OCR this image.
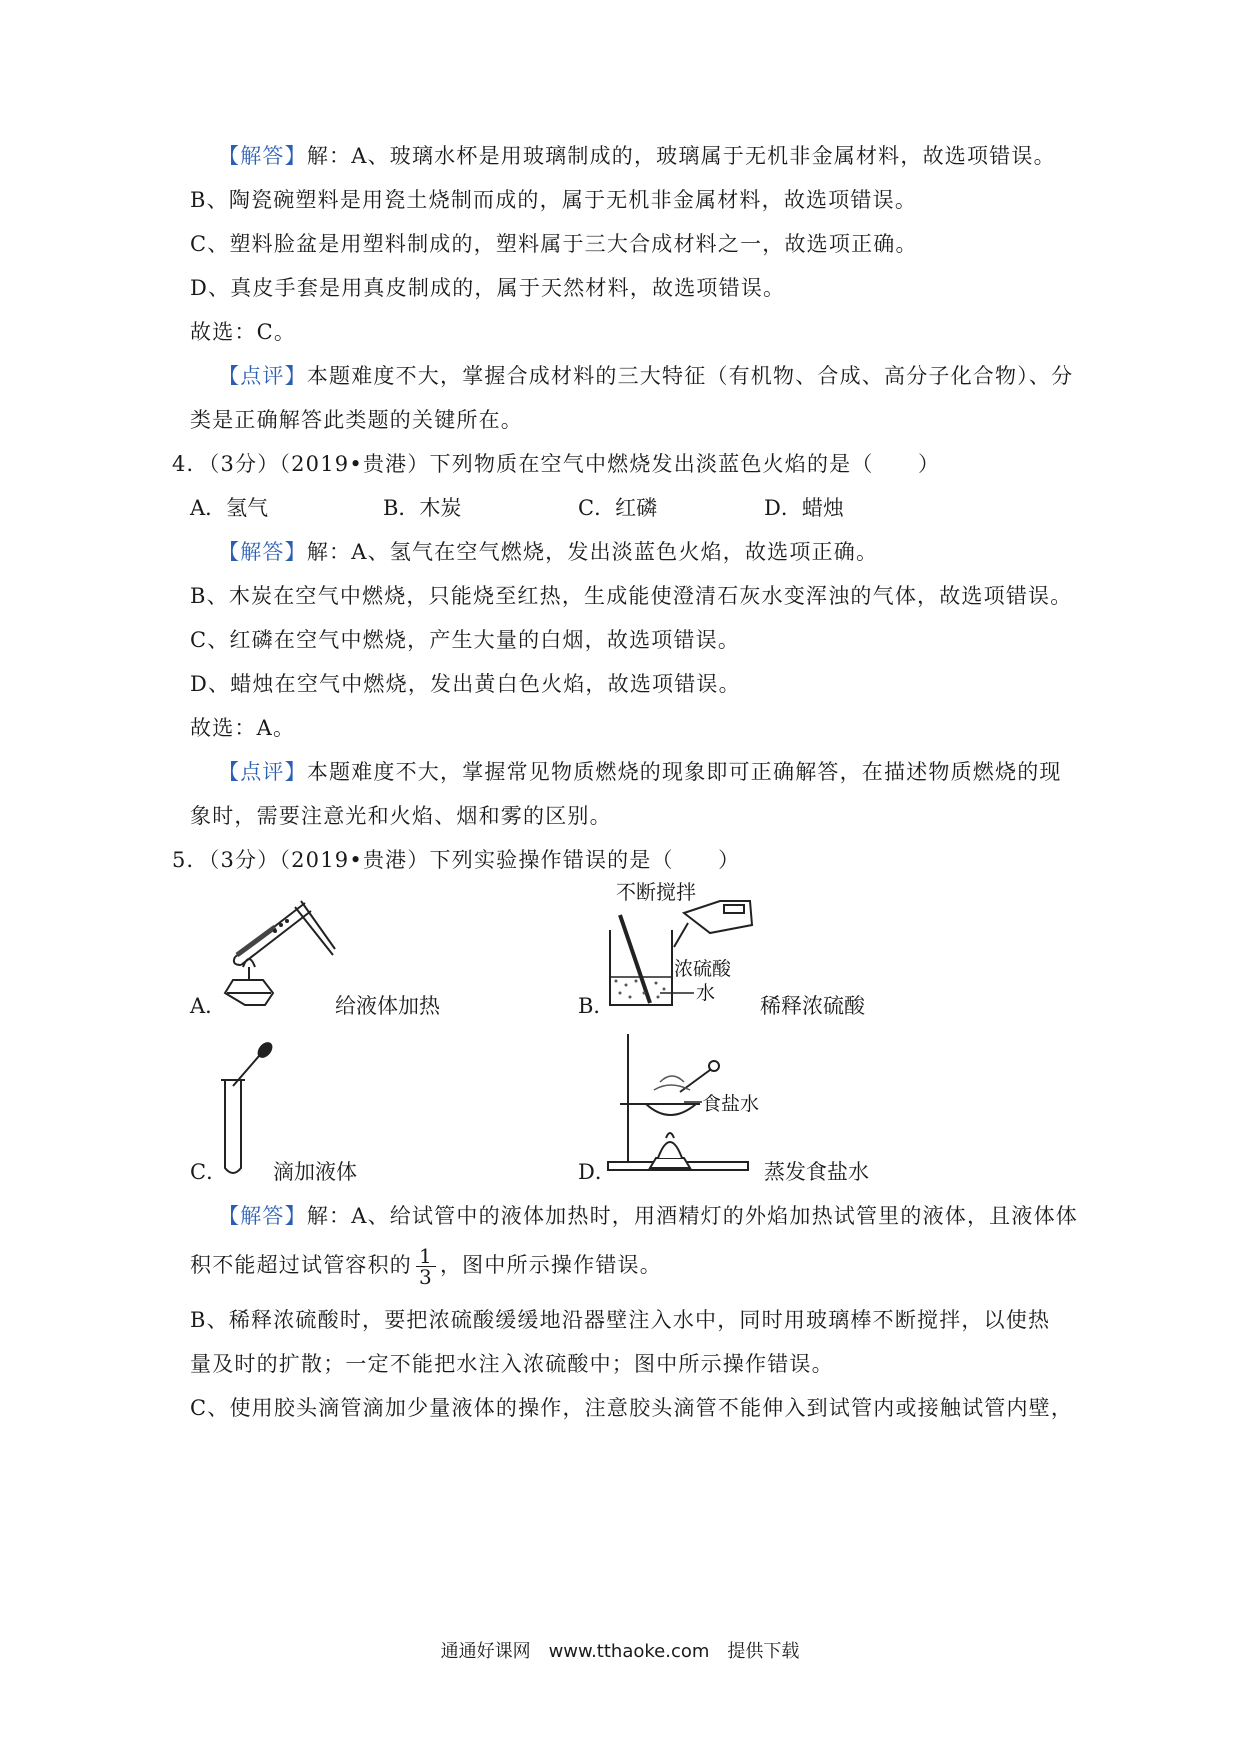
【解答】解：A、玻璃水杯是用玻璃制成的，玻璃属于无机非金属材料，故选项错误。
B、陶瓷碗塑料是用瓷土烧制而成的，属于无机非金属材料，故选项错误。
C、塑料脸盆是用塑料制成的，塑料属于三大合成材料之一，故选项正确。
D、真皮手套是用真皮制成的，属于天然材料，故选项错误。
故选：C。
【点评】本题难度不大，掌握合成材料的三大特征（有机物、合成、高分子化合物）、分
类是正确解答此类题的关键所在。
4．（3分）（2019•贵港）下列物质在空气中燃烧发出淡蓝色火焰的是（　　）
A．氢气	B．木炭	C．红磷	D．蜡烛
【解答】解：A、氢气在空气燃烧，发出淡蓝色火焰，故选项正确。
B、木炭在空气中燃烧，只能烧至红热，生成能使澄清石灰水变浑浊的气体，故选项错误。
C、红磷在空气中燃烧，产生大量的白烟，故选项错误。
D、蜡烛在空气中燃烧，发出黄白色火焰，故选项错误。
故选：A。
【点评】本题难度不大，掌握常见物质燃烧的现象即可正确解答，在描述物质燃烧的现
象时，需要注意光和火焰、烟和雾的区别。
5．（3分）（2019•贵港）下列实验操作错误的是（　　）
A．	给液体加热
不断搅拌
浓硫酸
水
B．	稀释浓硫酸
C． 滴加液体
食盐水
D．	蒸发食盐水
【解答】解：A、给试管中的液体加热时，用酒精灯的外焰加热试管里的液体，且液体体
积不能超过试管容积的 $\frac{1}{3}$ ，图中所示操作错误。
B、稀释浓硫酸时，要把浓硫酸缓缓地沿器壁注入水中，同时用玻璃棒不断搅拌，以使热
量及时的扩散；一定不能把水注入浓硫酸中；图中所示操作错误。
C、使用胶头滴管滴加少量液体的操作，注意胶头滴管不能伸入到试管内或接触试管内壁，
通通好课网　www.tthaoke.com　提供下载
